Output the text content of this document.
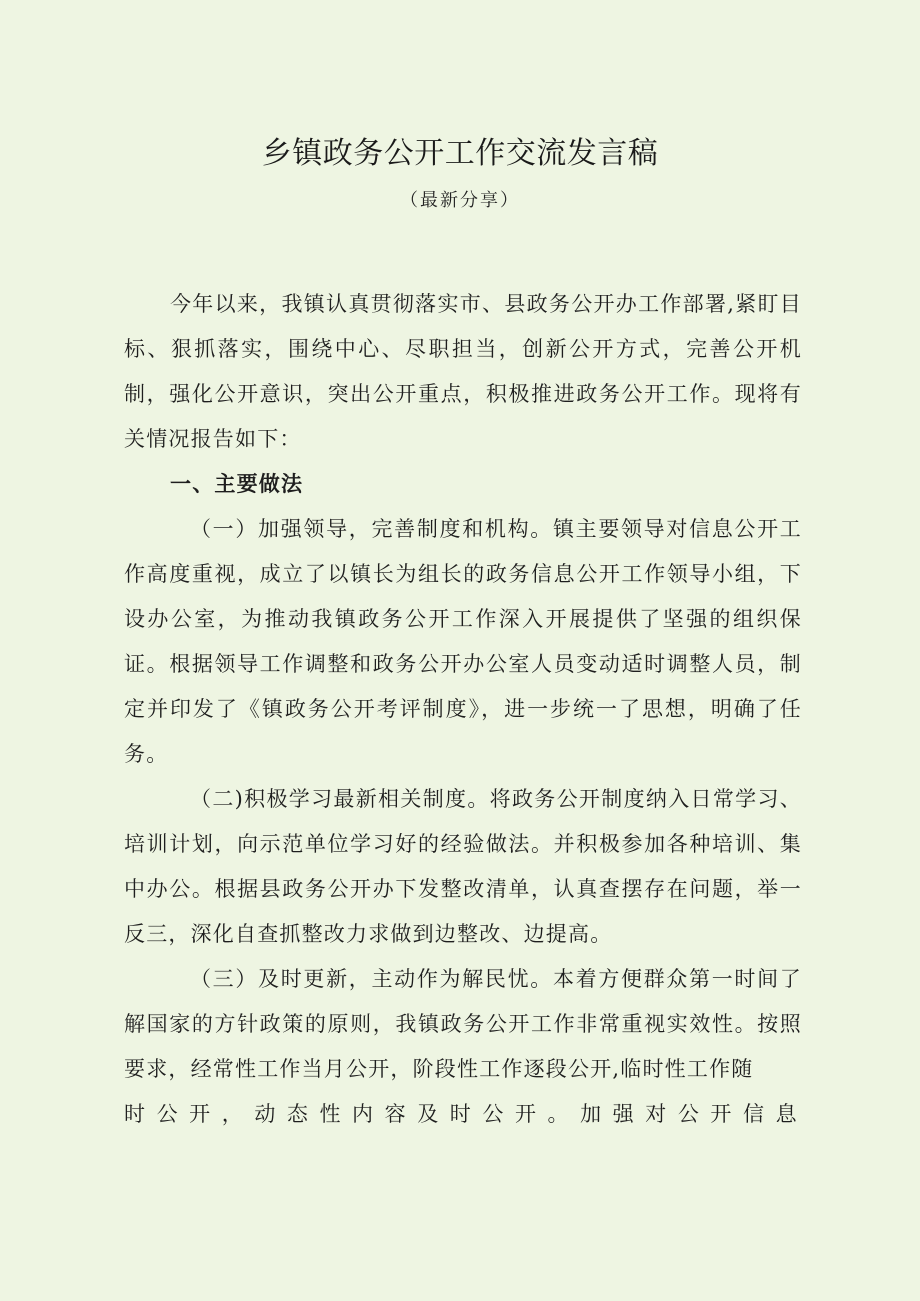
乡镇政务公开工作交流发言稿

（最新分享）

今年以来，我镇认真贯彻落实市、县政务公开办工作部署,紧盯目标、狠抓落实，围绕中心、尽职担当，创新公开方式，完善公开机制，强化公开意识，突出公开重点，积极推进政务公开工作。现将有关情况报告如下：

一、主要做法

（一）加强领导，完善制度和机构。镇主要领导对信息公开工作高度重视，成立了以镇长为组长的政务信息公开工作领导小组，下设办公室，为推动我镇政务公开工作深入开展提供了坚强的组织保证。根据领导工作调整和政务公开办公室人员变动适时调整人员，制定并印发了《镇政务公开考评制度》，进一步统一了思想，明确了任务。

（二)积极学习最新相关制度。将政务公开制度纳入日常学习、培训计划，向示范单位学习好的经验做法。并积极参加各种培训、集中办公。根据县政务公开办下发整改清单，认真查摆存在问题，举一反三，深化自查抓整改力求做到边整改、边提高。

（三）及时更新，主动作为解民忧。本着方便群众第一时间了解国家的方针政策的原则，我镇政务公开工作非常重视实效性。按照要求，经常性工作当月公开，阶段性工作逐段公开,临时性工作随

时 公 开 ， 动 态 性 内 容 及 时 公 开 。 加 强 对 公 开 信 息
